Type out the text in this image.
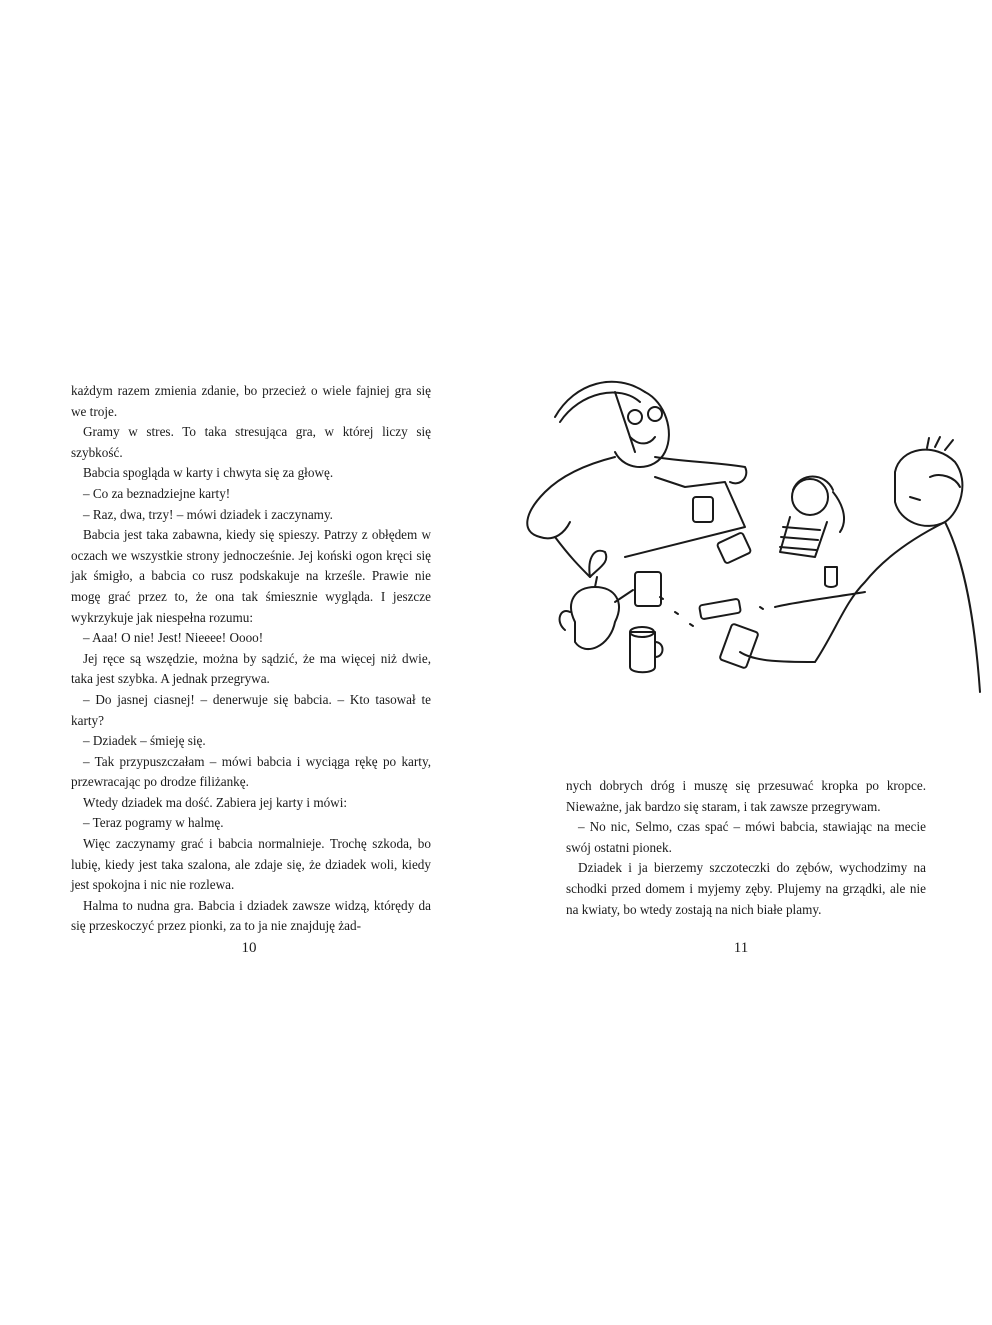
każdym razem zmienia zdanie, bo przecież o wiele fajniej gra się we troje.

Gramy w stres. To taka stresująca gra, w której liczy się szybkość.

Babcia spogląda w karty i chwyta się za głowę.

– Co za beznadziejne karty!

– Raz, dwa, trzy! – mówi dziadek i zaczynamy.

Babcia jest taka zabawna, kiedy się spieszy. Patrzy z obłędem w oczach we wszystkie strony jednocześnie. Jej koński ogon kręci się jak śmigło, a babcia co rusz podskakuje na krześle. Prawie nie mogę grać przez to, że ona tak śmiesznie wygląda. I jeszcze wykrzykuje jak niespełna rozumu:

– Aaa! O nie! Jest! Nieeee! Oooo!

Jej ręce są wszędzie, można by sądzić, że ma więcej niż dwie, taka jest szybka. A jednak przegrywa.

– Do jasnej ciasnej! – denerwuje się babcia. – Kto tasował te karty?

– Dziadek – śmieję się.

– Tak przypuszczałam – mówi babcia i wyciąga rękę po karty, przewracając po drodze filiżankę.

Wtedy dziadek ma dość. Zabiera jej karty i mówi:

– Teraz pogramy w halmę.

Więc zaczynamy grać i babcia normalnieje. Trochę szkoda, bo lubię, kiedy jest taka szalona, ale zdaje się, że dziadek woli, kiedy jest spokojna i nic nie rozlewa.

Halma to nudna gra. Babcia i dziadek zawsze widzą, którędy da się przeskoczyć przez pionki, za to ja nie znajduję żad-

10

nych dobrych dróg i muszę się przesuwać kropka po kropce. Nieważne, jak bardzo się staram, i tak zawsze przegrywam.

– No nic, Selmo, czas spać – mówi babcia, stawiając na mecie swój ostatni pionek.

Dziadek i ja bierzemy szczoteczki do zębów, wychodzimy na schodki przed domem i myjemy zęby. Plujemy na grządki, ale nie na kwiaty, bo wtedy zostają na nich białe plamy.

11
